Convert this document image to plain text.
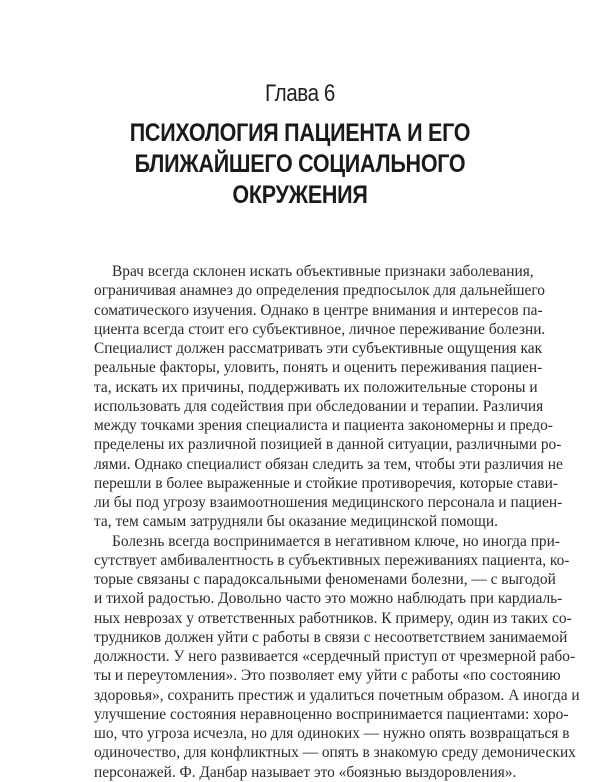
Глава 6
ПСИХОЛОГИЯ ПАЦИЕНТА И ЕГО
БЛИЖАЙШЕГО СОЦИАЛЬНОГО
ОКРУЖЕНИЯ

Врач всегда склонен искать объективные признаки заболевания,
ограничивая анамнез до определения предпосылок для дальнейшего
соматического изучения. Однако в центре внимания и интересов па-
циента всегда стоит его субъективное, личное переживание болезни.
Специалист должен рассматривать эти субъективные ощущения как
реальные факторы, уловить, понять и оценить переживания пациен-
та, искать их причины, поддерживать их положительные стороны и
использовать для содействия при обследовании и терапии. Различия
между точками зрения специалиста и пациента закономерны и предо-
пределены их различной позицией в данной ситуации, различными ро-
лями. Однако специалист обязан следить за тем, чтобы эти различия не
перешли в более выраженные и стойкие противоречия, которые стави-
ли бы под угрозу взаимоотношения медицинского персонала и пациен-
та, тем самым затрудняли бы оказание медицинской помощи.

Болезнь всегда воспринимается в негативном ключе, но иногда при-
сутствует амбивалентность в субъективных переживаниях пациента, ко-
торые связаны с парадоксальными феноменами болезни, — с выгодой
и тихой радостью. Довольно часто это можно наблюдать при кардиаль-
ных неврозах у ответственных работников. К примеру, один из таких со-
трудников должен уйти с работы в связи с несоответствием занимаемой
должности. У него развивается «сердечный приступ от чрезмерной рабо-
ты и переутомления». Это позволяет ему уйти с работы «по состоянию
здоровья», сохранить престиж и удалиться почетным образом. А иногда и
улучшение состояния неравноценно воспринимается пациентами: хоро-
шо, что угроза исчезла, но для одиноких — нужно опять возвращаться в
одиночество, для конфликтных — опять в знакомую среду демонических
персонажей. Ф. Данбар называет это «боязнью выздоровления».
